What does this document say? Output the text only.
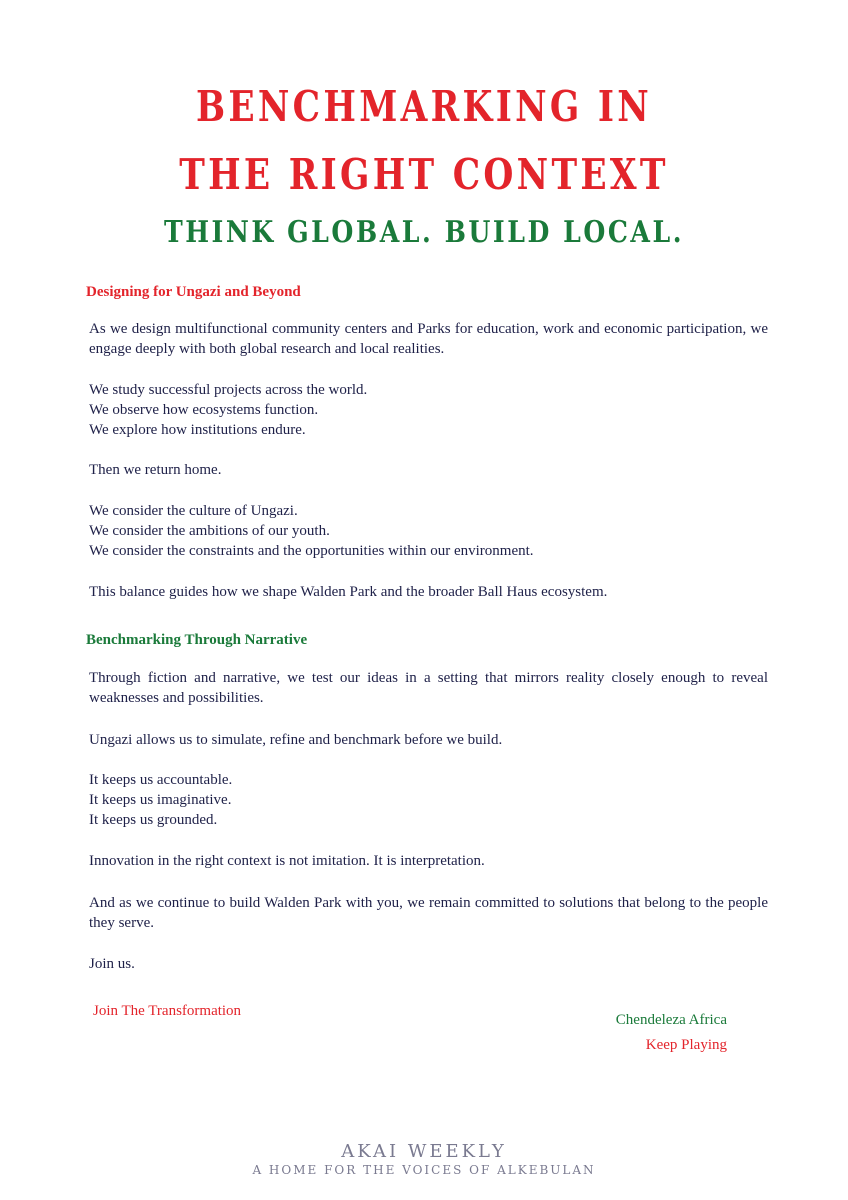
BENCHMARKING IN
THE RIGHT CONTEXT
THINK GLOBAL. BUILD LOCAL.
Designing for Ungazi and Beyond

As we design multifunctional community centers and Parks for education, work and economic participation, we engage deeply with both global research and local realities.

We study successful projects across the world.

We observe how ecosystems function.

We explore how institutions endure.

Then we return home.

We consider the culture of Ungazi.

We consider the ambitions of our youth.

We consider the constraints and the opportunities within our environment.

This balance guides how we shape Walden Park and the broader Ball Haus ecosystem.

Benchmarking Through Narrative

Through fiction and narrative, we test our ideas in a setting that mirrors reality closely enough to reveal weaknesses and possibilities.

Ungazi allows us to simulate, refine and benchmark before we build.

It keeps us accountable.

It keeps us imaginative.

It keeps us grounded.

Innovation in the right context is not imitation. It is interpretation.

And as we continue to build Walden Park with you, we remain committed to solutions that belong to the people they serve.

Join us.

Join The Transformation

Chendeleza Africa

Keep Playing

AKAI WEEKLY

A HOME FOR THE VOICES OF ALKEBULAN
